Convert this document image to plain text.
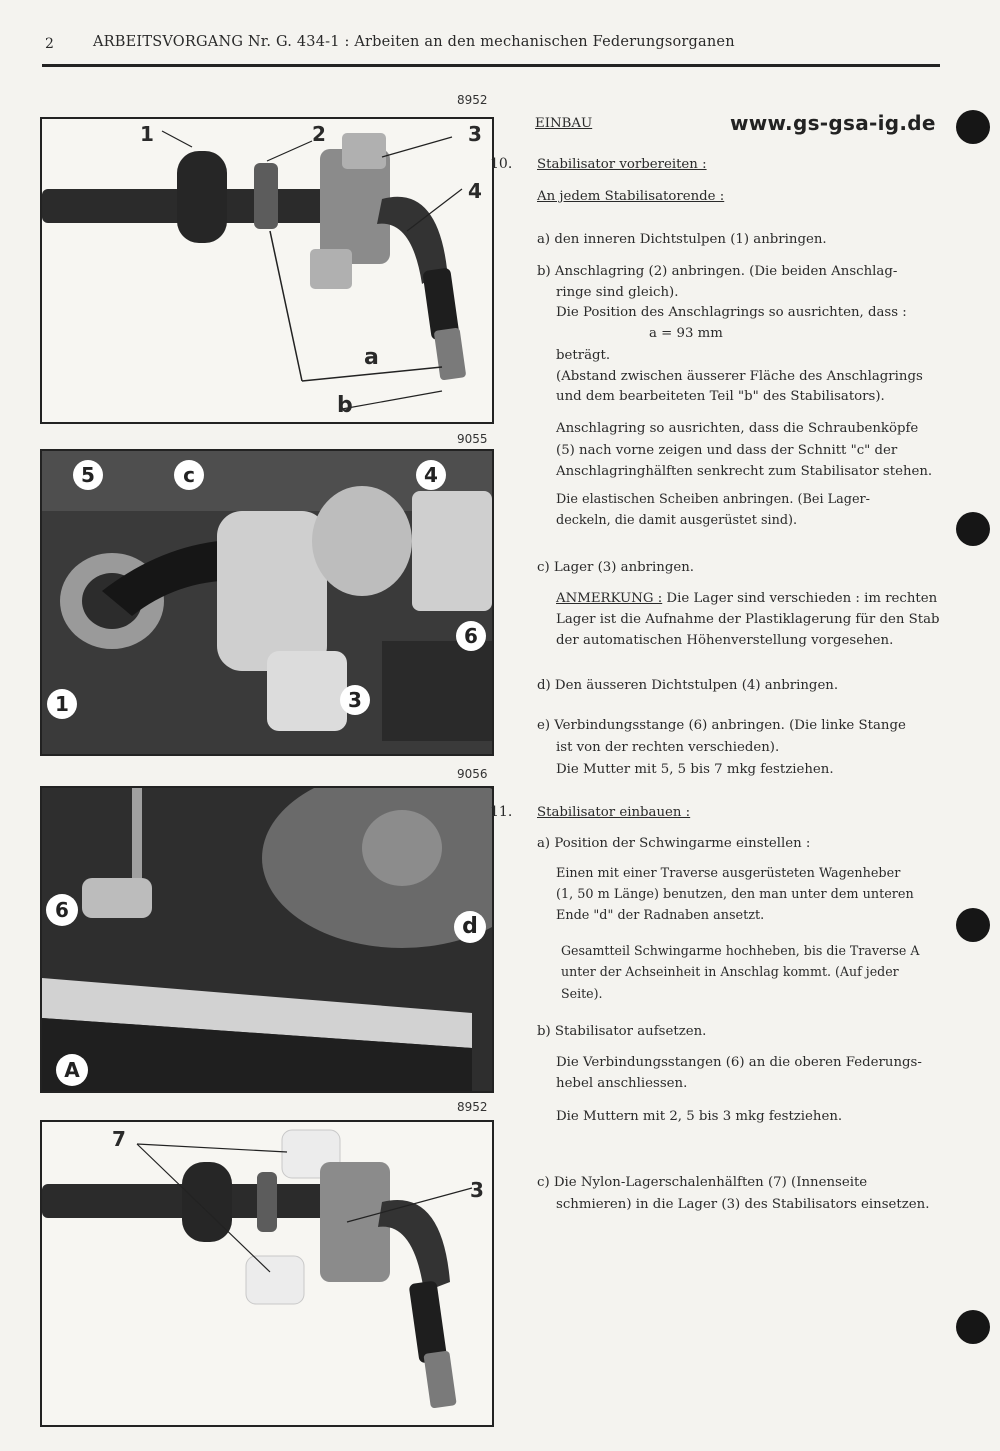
2	ARBEITSVORGANG Nr. G. 434-1 : Arbeiten an den mechanischen Federungsorganen
www.gs-gsa-ig.de
8952
1	2	3
4
a
b
9055
5	c	4
6
1	3
9056
6
d
A
8952
7
3
EINBAU
10. Stabilisator vorbereiten :
An jedem Stabilisatorende :
a) den inneren Dichtstulpen (1) anbringen.
b) Anschlagring (2) anbringen. (Die beiden Anschlag-
ringe sind gleich).
Die Position des Anschlagrings so ausrichten, dass :
a = 93 mm
beträgt.
(Abstand zwischen äusserer Fläche des Anschlagrings
und dem bearbeiteten Teil "b" des Stabilisators).
Anschlagring so ausrichten, dass die Schraubenköpfe
(5) nach vorne zeigen und dass der Schnitt "c" der
Anschlagringhälften senkrecht zum Stabilisator stehen.
Die elastischen Scheiben anbringen. (Bei Lager-
deckeln, die damit ausgerüstet sind).
c) Lager (3) anbringen.
ANMERKUNG : Die Lager sind verschieden : im rechten
Lager ist die Aufnahme der Plastiklagerung für den Stab
der automatischen Höhenverstellung vorgesehen.
d) Den äusseren Dichtstulpen (4) anbringen.
e) Verbindungsstange (6) anbringen. (Die linke Stange
ist von der rechten verschieden).
Die Mutter mit 5, 5 bis 7 mkg festziehen.
11. Stabilisator einbauen :
a) Position der Schwingarme einstellen :
Einen mit einer Traverse ausgerüsteten Wagenheber
(1, 50 m Länge) benutzen, den man unter dem unteren
Ende "d" der Radnaben ansetzt.
Gesamtteil Schwingarme hochheben, bis die Traverse A
unter der Achseinheit in Anschlag kommt. (Auf jeder
Seite).
b) Stabilisator aufsetzen.
Die Verbindungsstangen (6) an die oberen Federungs-
hebel anschliessen.
Die Muttern mit 2, 5 bis 3 mkg festziehen.
c) Die Nylon-Lagerschalenhälften (7) (Innenseite
schmieren) in die Lager (3) des Stabilisators einsetzen.
